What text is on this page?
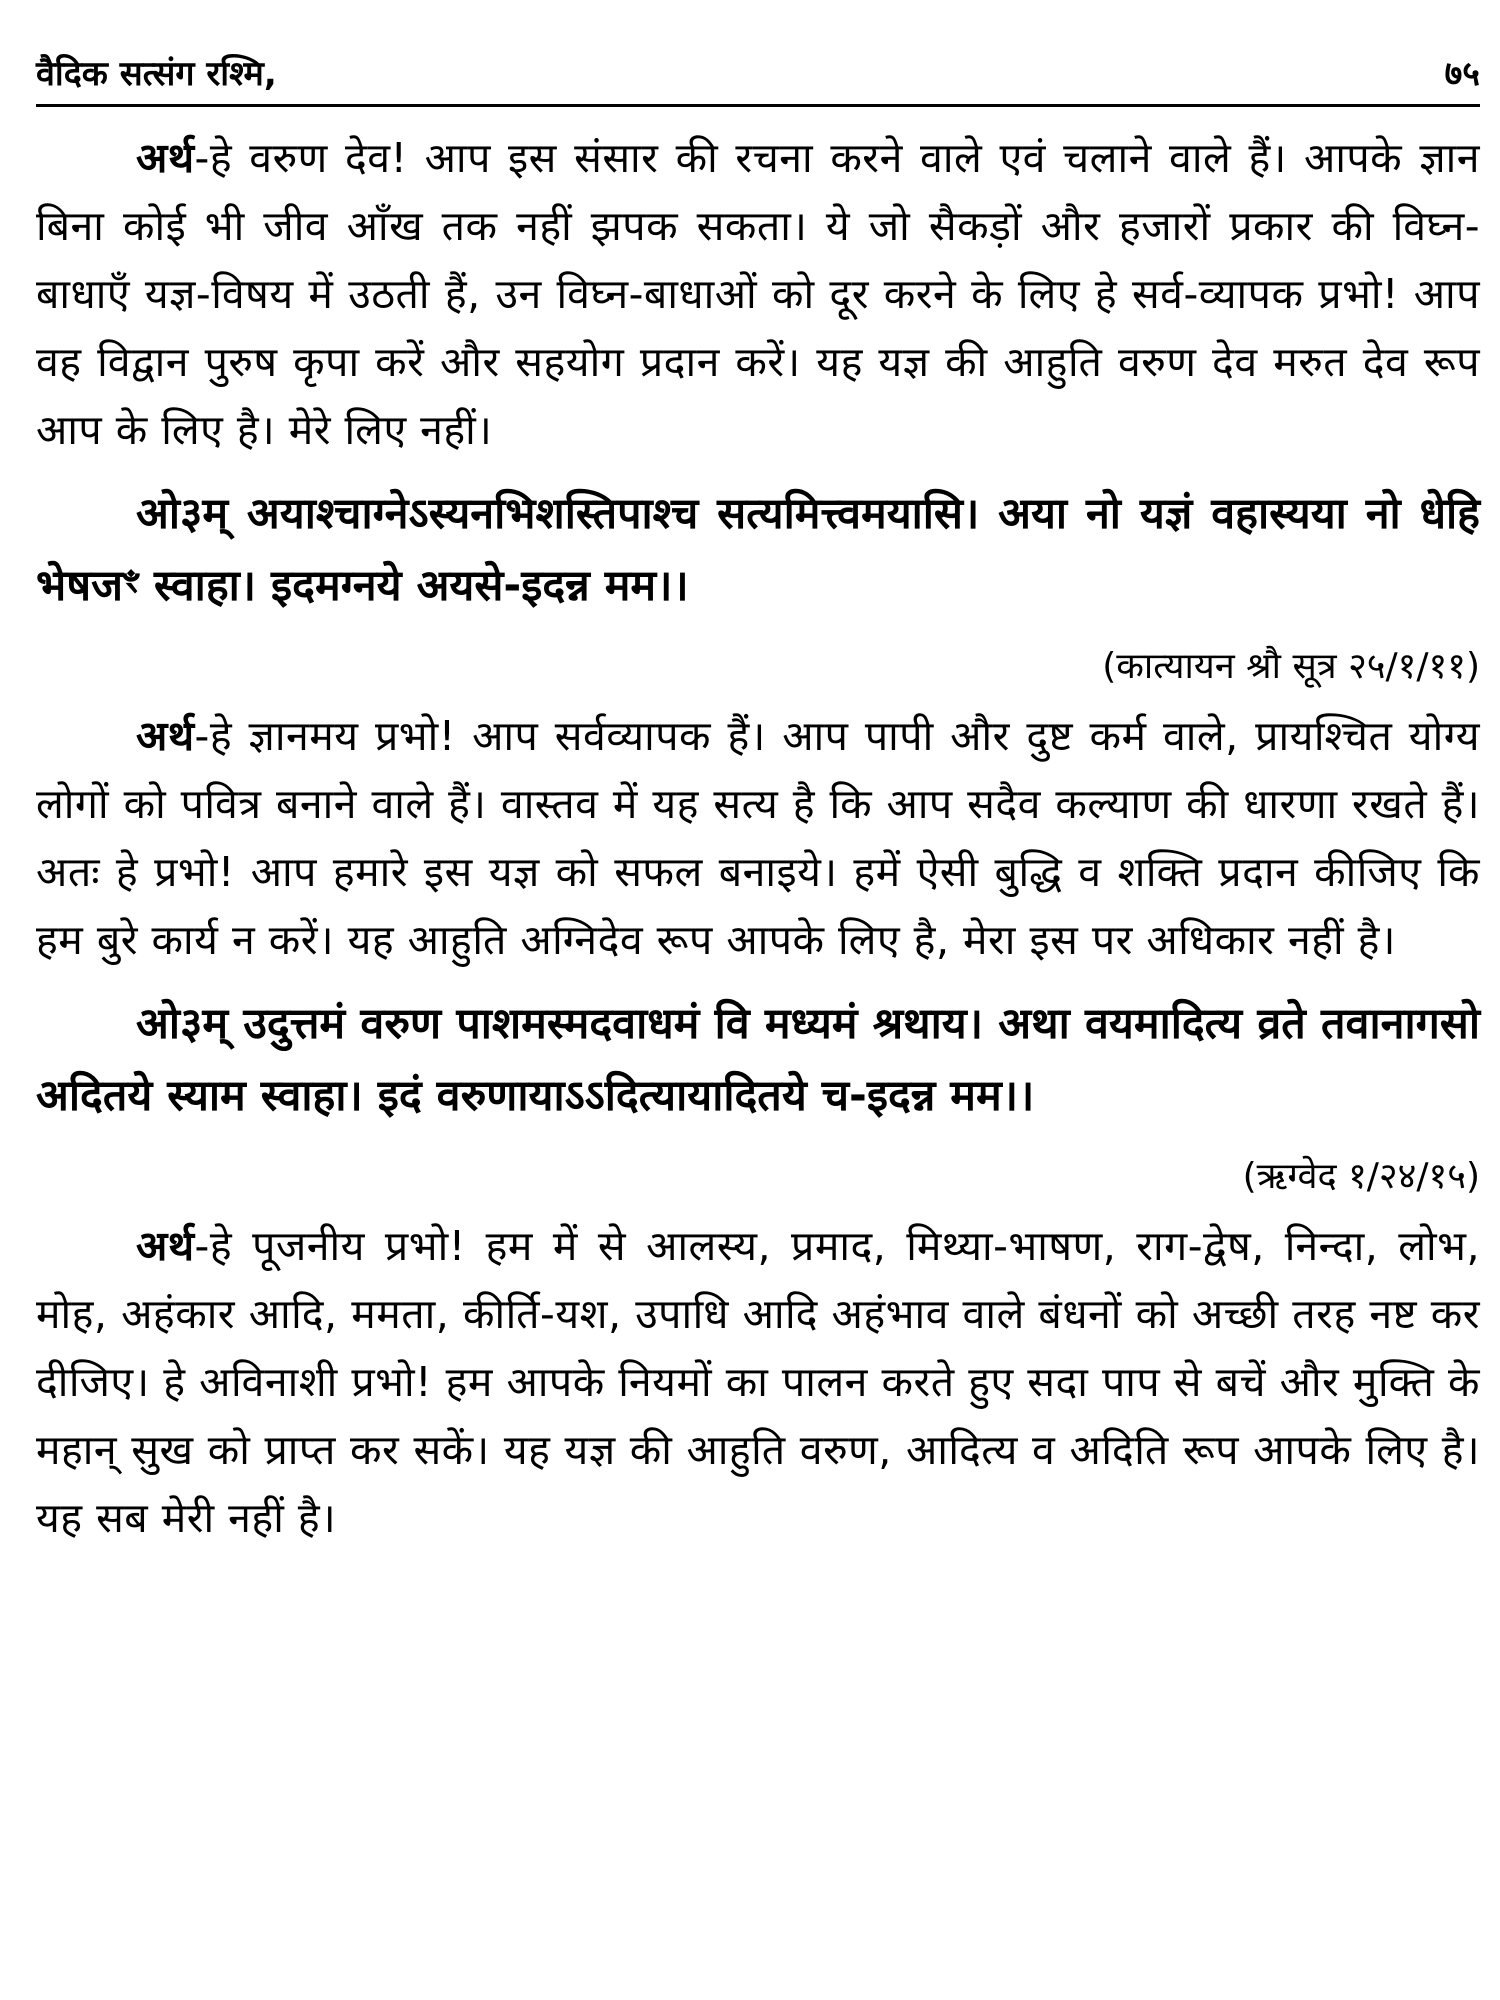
वैदिक सत्संग रश्मि,	७५

अर्थ-हे वरुण देव! आप इस संसार की रचना करने वाले एवं चलाने वाले हैं। आपके ज्ञान बिना कोई भी जीव आँख तक नहीं झपक सकता। ये जो सैकड़ों और हजारों प्रकार की विघ्न-बाधाएँ यज्ञ-विषय में उठती हैं, उन विघ्न-बाधाओं को दूर करने के लिए हे सर्व-व्यापक प्रभो! आप वह विद्वान पुरुष कृपा करें और सहयोग प्रदान करें। यह यज्ञ की आहुति वरुण देव मरुत देव रूप आप के लिए है। मेरे लिए नहीं।

ओ३म् अयाश्चाग्नेऽस्यनभिशस्तिपाश्च सत्यमित्त्वमयासि। अया नो यज्ञं वहास्यया नो धेहि भेषजꣳ स्वाहा। इदमग्नये अयसे-इदन्न मम।।

(कात्यायन श्रौ सूत्र २५/१/११)

अर्थ-हे ज्ञानमय प्रभो! आप सर्वव्यापक हैं। आप पापी और दुष्ट कर्म वाले, प्रायश्चित योग्य लोगों को पवित्र बनाने वाले हैं। वास्तव में यह सत्य है कि आप सदैव कल्याण की धारणा रखते हैं। अतः हे प्रभो! आप हमारे इस यज्ञ को सफल बनाइये। हमें ऐसी बुद्धि व शक्ति प्रदान कीजिए कि हम बुरे कार्य न करें। यह आहुति अग्निदेव रूप आपके लिए है, मेरा इस पर अधिकार नहीं है।

ओ३म् उदुत्तमं वरुण पाशमस्मदवाधमं वि मध्यमं श्रथाय। अथा वयमादित्य व्रते तवानागसो अदितये स्याम स्वाहा। इदं वरुणायाऽऽदित्यायादितये च-इदन्न मम।।

(ऋग्वेद १/२४/१५)

अर्थ-हे पूजनीय प्रभो! हम में से आलस्य, प्रमाद, मिथ्या-भाषण, राग-द्वेष, निन्दा, लोभ, मोह, अहंकार आदि, ममता, कीर्ति-यश, उपाधि आदि अहंभाव वाले बंधनों को अच्छी तरह नष्ट कर दीजिए। हे अविनाशी प्रभो! हम आपके नियमों का पालन करते हुए सदा पाप से बचें और मुक्ति के महान् सुख को प्राप्त कर सकें। यह यज्ञ की आहुति वरुण, आदित्य व अदिति रूप आपके लिए है। यह सब मेरी नहीं है।
